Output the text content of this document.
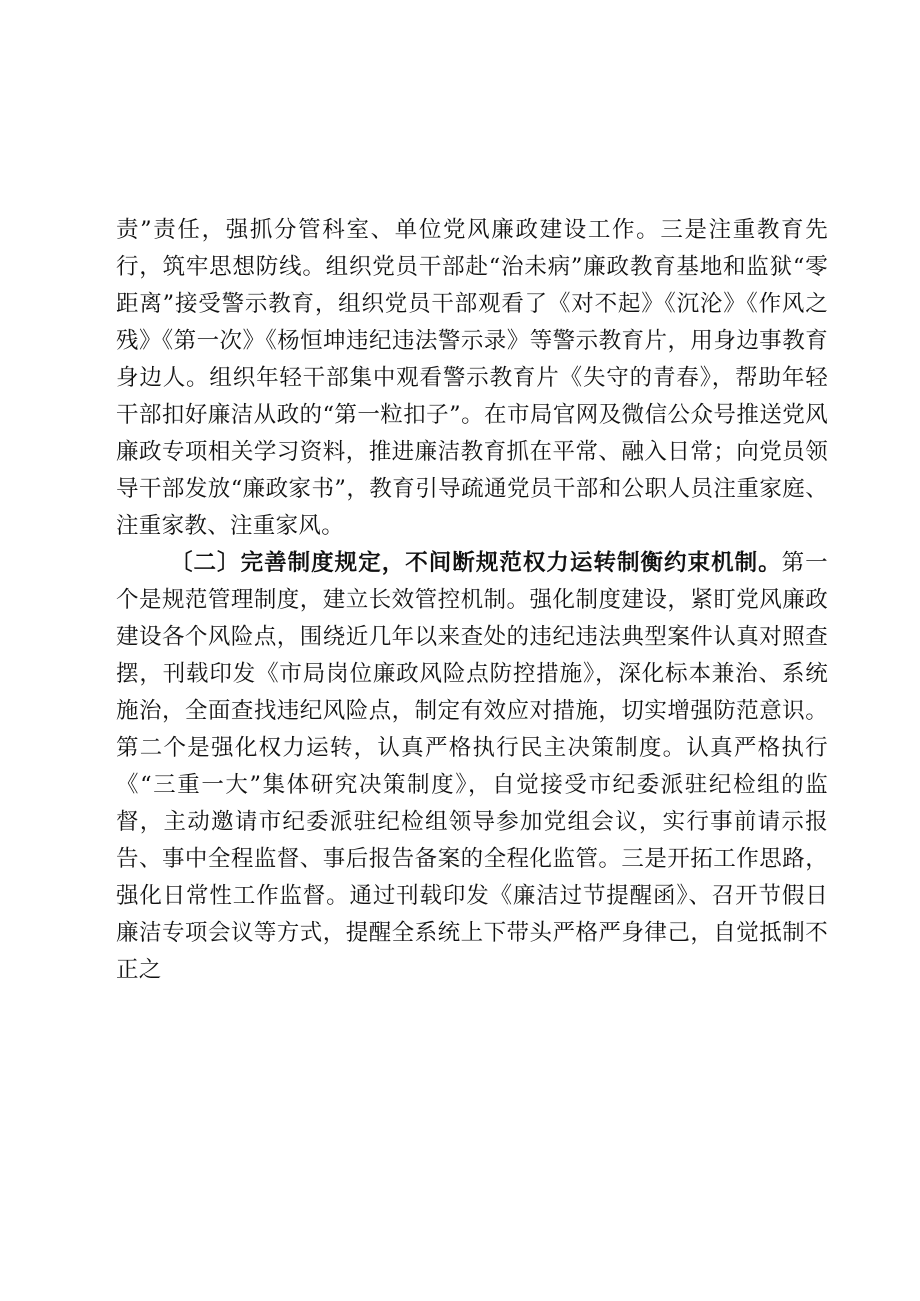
责”责任，强抓分管科室、单位党风廉政建设工作。三是注重教育先行，筑牢思想防线。组织党员干部赴“治未病”廉政教育基地和监狱“零距离”接受警示教育，组织党员干部观看了《对不起》《沉沦》《作风之残》《第一次》《杨恒坤违纪违法警示录》等警示教育片，用身边事教育身边人。组织年轻干部集中观看警示教育片《失守的青春》，帮助年轻干部扣好廉洁从政的“第一粒扣子”。在市局官网及微信公众号推送党风廉政专项相关学习资料，推进廉洁教育抓在平常、融入日常；向党员领导干部发放“廉政家书”，教育引导疏通党员干部和公职人员注重家庭、注重家教、注重家风。

〔二〕完善制度规定，不间断规范权力运转制衡约束机制。第一个是规范管理制度，建立长效管控机制。强化制度建设，紧盯党风廉政建设各个风险点，围绕近几年以来查处的违纪违法典型案件认真对照查摆，刊载印发《市局岗位廉政风险点防控措施》，深化标本兼治、系统施治，全面查找违纪风险点，制定有效应对措施，切实增强防范意识。第二个是强化权力运转，认真严格执行民主决策制度。认真严格执行《“三重一大”集体研究决策制度》，自觉接受市纪委派驻纪检组的监督，主动邀请市纪委派驻纪检组领导参加党组会议，实行事前请示报告、事中全程监督、事后报告备案的全程化监管。三是开拓工作思路，强化日常性工作监督。通过刊载印发《廉洁过节提醒函》、召开节假日廉洁专项会议等方式，提醒全系统上下带头严格严身律己，自觉抵制不正之
